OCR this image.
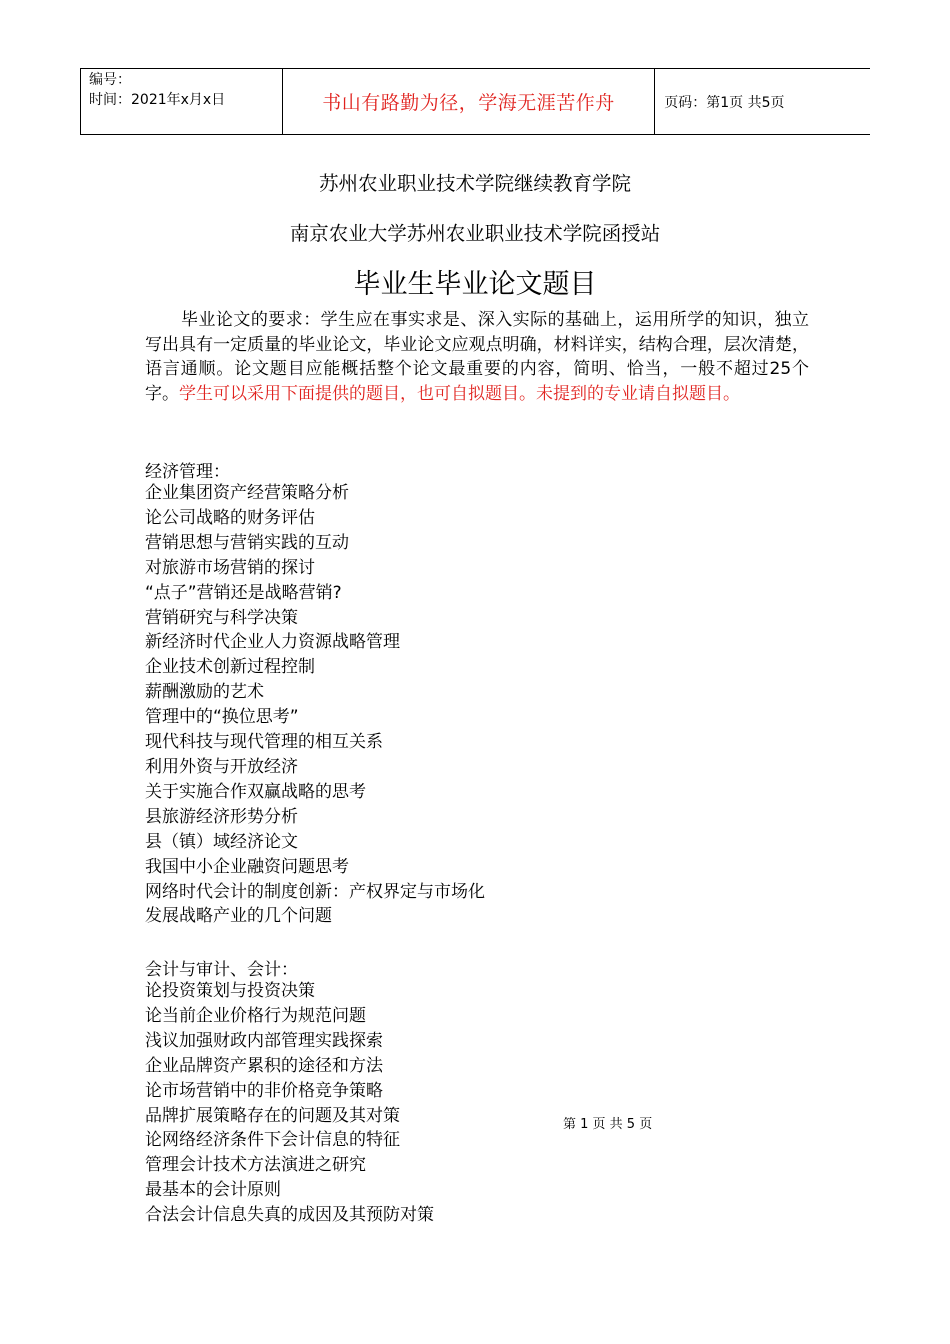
编号：
时间：2021年x月x日	书山有路勤为径，学海无涯苦作舟	页码：第1页 共5页
苏州农业职业技术学院继续教育学院
南京农业大学苏州农业职业技术学院函授站
毕业生毕业论文题目

毕业论文的要求：学生应在事实求是、深入实际的基础上，运用所学的知识，独立写出具有一定质量的毕业论文，毕业论文应观点明确，材料详实，结构合理，层次清楚，语言通顺。论文题目应能概括整个论文最重要的内容，简明、恰当，一般不超过25个字。学生可以采用下面提供的题目，也可自拟题目。未提到的专业请自拟题目。

经济管理：
企业集团资产经营策略分析
论公司战略的财务评估
营销思想与营销实践的互动
对旅游市场营销的探讨
“点子”营销还是战略营销?
营销研究与科学决策
新经济时代企业人力资源战略管理
企业技术创新过程控制
薪酬激励的艺术
管理中的“换位思考”
现代科技与现代管理的相互关系
利用外资与开放经济
关于实施合作双赢战略的思考
县旅游经济形势分析
县（镇）域经济论文
我国中小企业融资问题思考
网络时代会计的制度创新：产权界定与市场化
发展战略产业的几个问题
会计与审计、会计：
论投资策划与投资决策
论当前企业价格行为规范问题
浅议加强财政内部管理实践探索
企业品牌资产累积的途径和方法
论市场营销中的非价格竞争策略
品牌扩展策略存在的问题及其对策
论网络经济条件下会计信息的特征
管理会计技术方法演进之研究
最基本的会计原则
合法会计信息失真的成因及其预防对策
第 1 页 共 5 页
